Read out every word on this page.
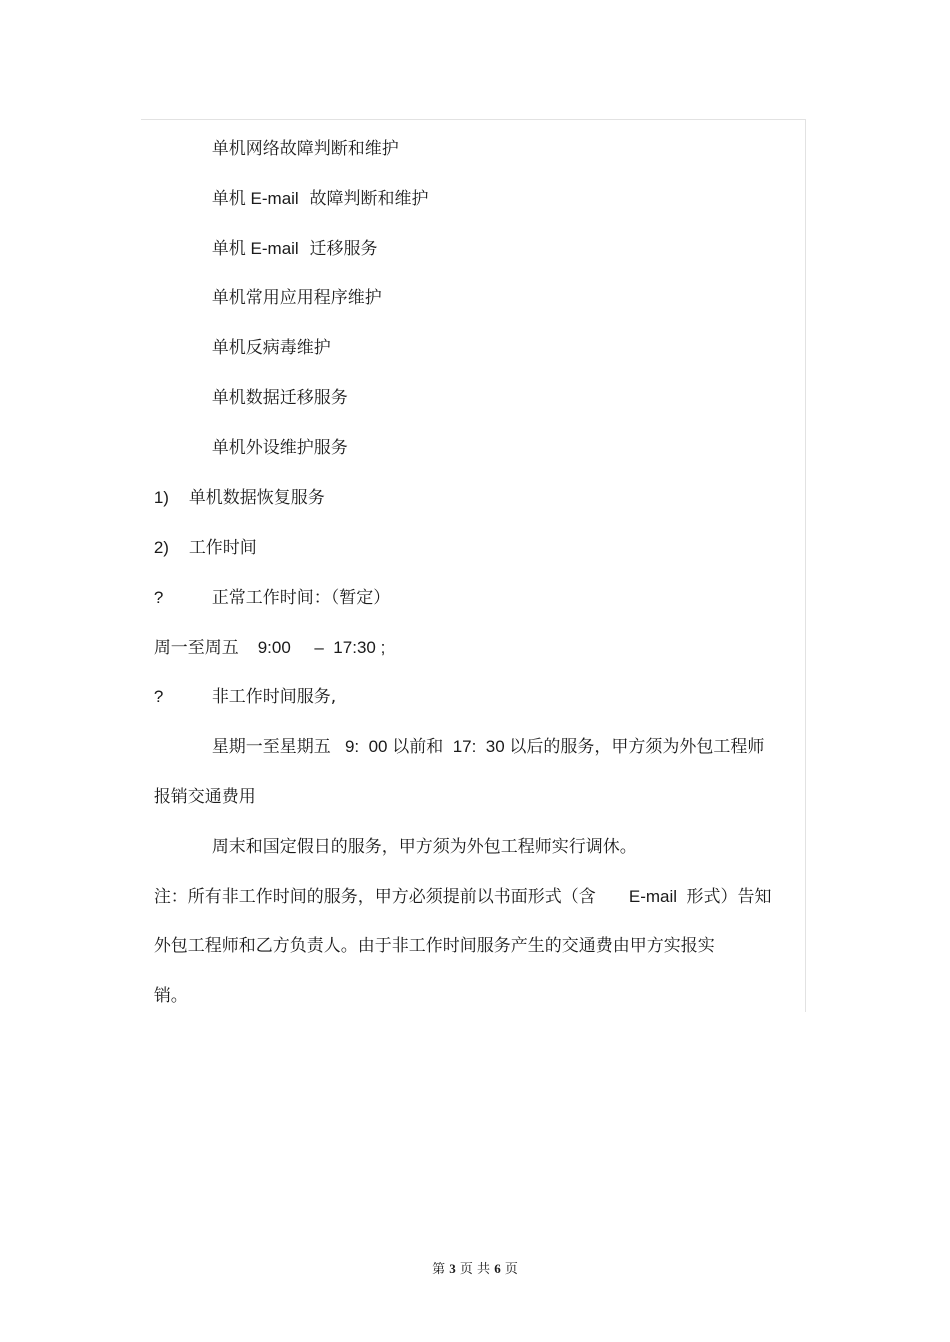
单机网络故障判断和维护

单机 E-mail  故障判断和维护

单机 E-mail  迁移服务

单机常用应用程序维护

单机反病毒维护

单机数据迁移服务

单机外设维护服务

1)	单机数据恢复服务

2)	工作时间

?	正常工作时间：（暂定）

周一至周五    9:00     –  17:30 ;

?	非工作时间服务,

星期一至星期五   9:  00 以前和  17:  30 以后的服务，甲方须为外包工程师

报销交通费用

周末和国定假日的服务，甲方须为外包工程师实行调休。

注：所有非工作时间的服务，甲方必须提前以书面形式（含       E-mail  形式）告知

外包工程师和乙方负责人。由于非工作时间服务产生的交通费由甲方实报实

销。

第 3 页 共 6 页
